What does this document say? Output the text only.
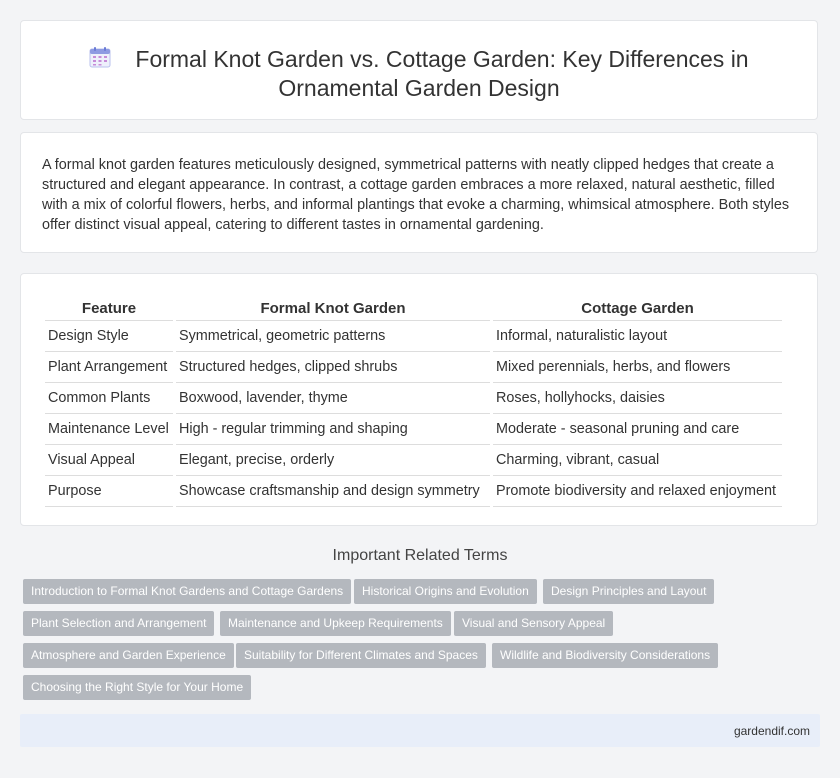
Formal Knot Garden vs. Cottage Garden: Key Differences in
Ornamental Garden Design

A formal knot garden features meticulously designed, symmetrical patterns with neatly clipped hedges that create a structured and elegant appearance. In contrast, a cottage garden embraces a more relaxed, natural aesthetic, filled with a mix of colorful flowers, herbs, and informal plantings that evoke a charming, whimsical atmosphere. Both styles offer distinct visual appeal, catering to different tastes in ornamental gardening.

Feature	Formal Knot Garden	Cottage Garden
Design Style	Symmetrical, geometric patterns	Informal, naturalistic layout
Plant Arrangement	Structured hedges, clipped shrubs	Mixed perennials, herbs, and flowers
Common Plants	Boxwood, lavender, thyme	Roses, hollyhocks, daisies
Maintenance Level	High - regular trimming and shaping	Moderate - seasonal pruning and care
Visual Appeal	Elegant, precise, orderly	Charming, vibrant, casual
Purpose	Showcase craftsmanship and design symmetry	Promote biodiversity and relaxed enjoyment
Important Related Terms
Introduction to Formal Knot Gardens and Cottage Gardens	Historical Origins and Evolution	Design Principles and Layout
Plant Selection and Arrangement	Maintenance and Upkeep Requirements	Visual and Sensory Appeal
Atmosphere and Garden Experience	Suitability for Different Climates and Spaces	Wildlife and Biodiversity Considerations
Choosing the Right Style for Your Home
gardendif.com
